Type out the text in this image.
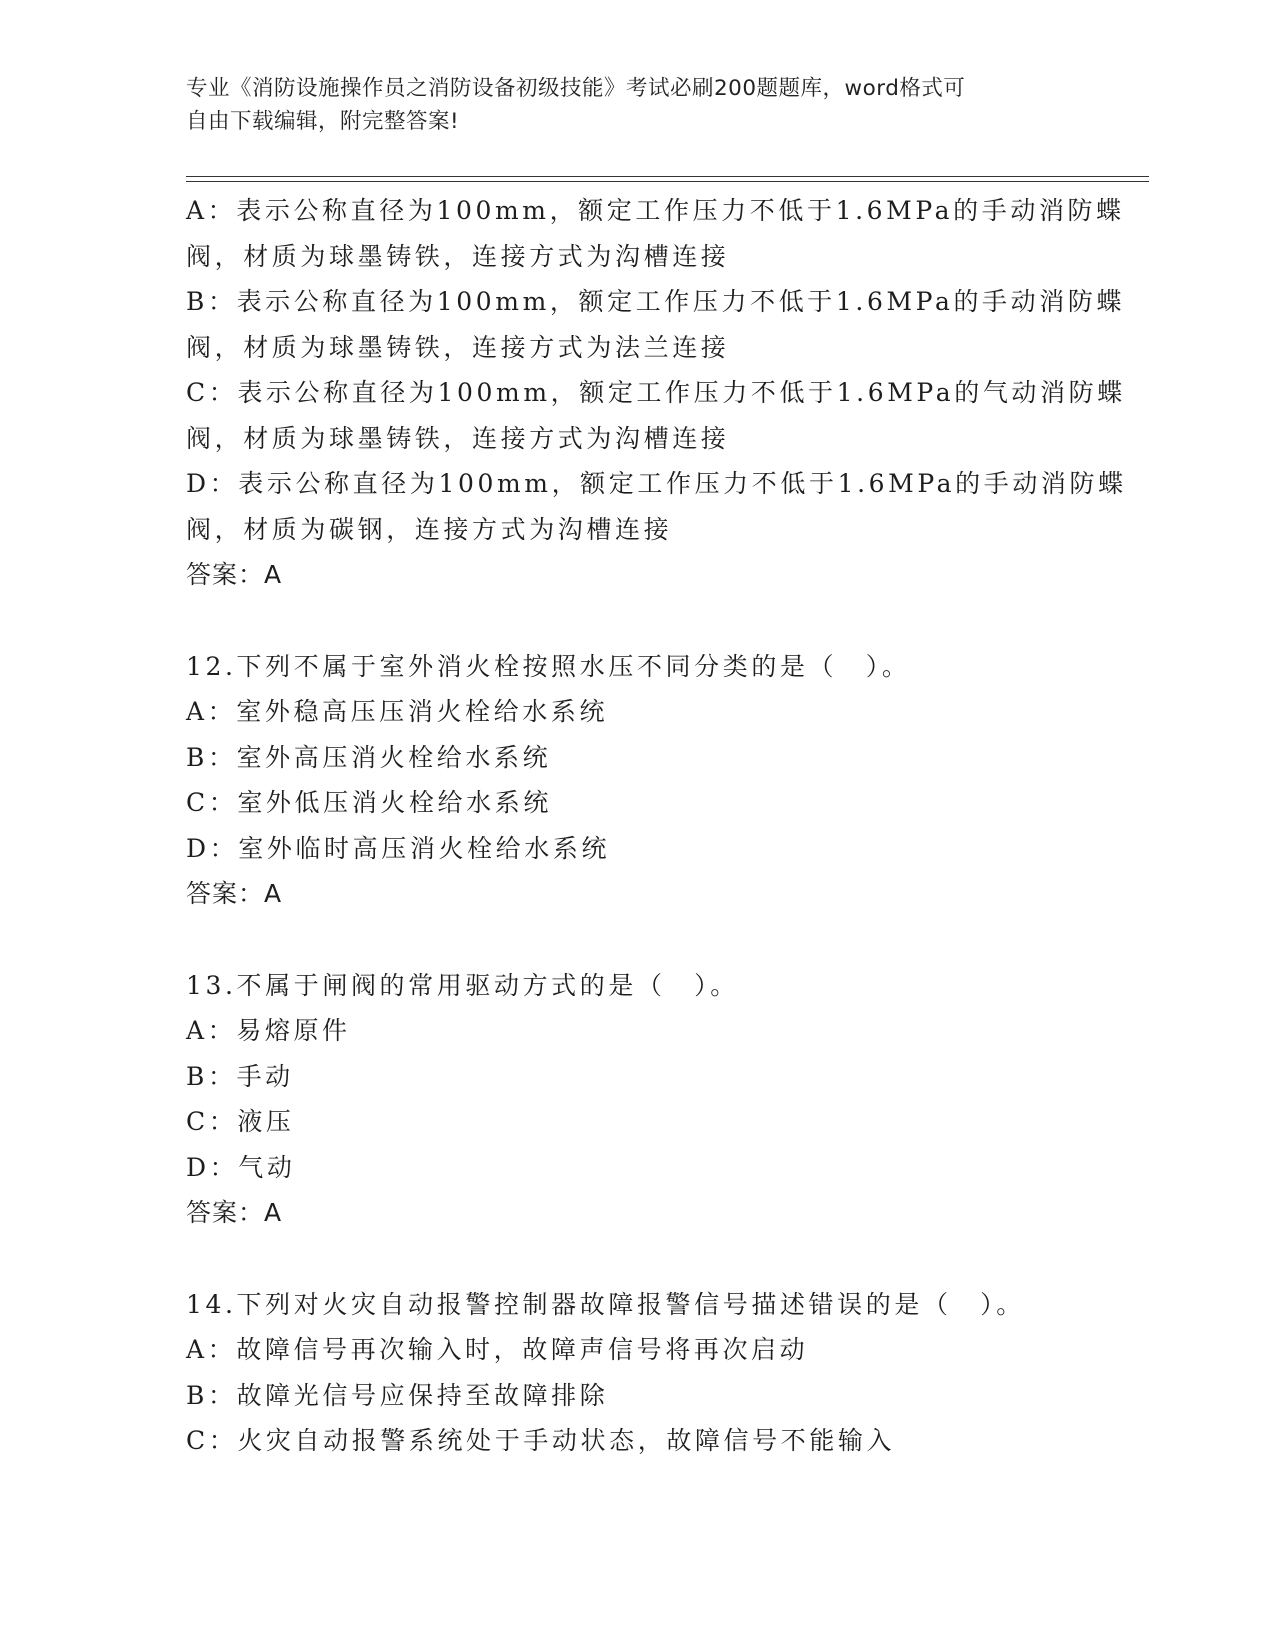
专业《消防设施操作员之消防设备初级技能》考试必刷200题题库，word格式可
自由下载编辑，附完整答案!
A：表示公称直径为100mm，额定工作压力不低于1.6MPa的手动消防蝶
阀，材质为球墨铸铁，连接方式为沟槽连接
B：表示公称直径为100mm，额定工作压力不低于1.6MPa的手动消防蝶
阀，材质为球墨铸铁，连接方式为法兰连接
C：表示公称直径为100mm，额定工作压力不低于1.6MPa的气动消防蝶
阀，材质为球墨铸铁，连接方式为沟槽连接
D：表示公称直径为100mm，额定工作压力不低于1.6MPa的手动消防蝶
阀，材质为碳钢，连接方式为沟槽连接
答案：A
12.下列不属于室外消火栓按照水压不同分类的是（　）。
A：室外稳高压压消火栓给水系统
B：室外高压消火栓给水系统
C：室外低压消火栓给水系统
D：室外临时高压消火栓给水系统
答案：A
13.不属于闸阀的常用驱动方式的是（　）。
A：易熔原件
B：手动
C：液压
D：气动
答案：A
14.下列对火灾自动报警控制器故障报警信号描述错误的是（　）。
A：故障信号再次输入时，故障声信号将再次启动
B：故障光信号应保持至故障排除
C：火灾自动报警系统处于手动状态，故障信号不能输入
